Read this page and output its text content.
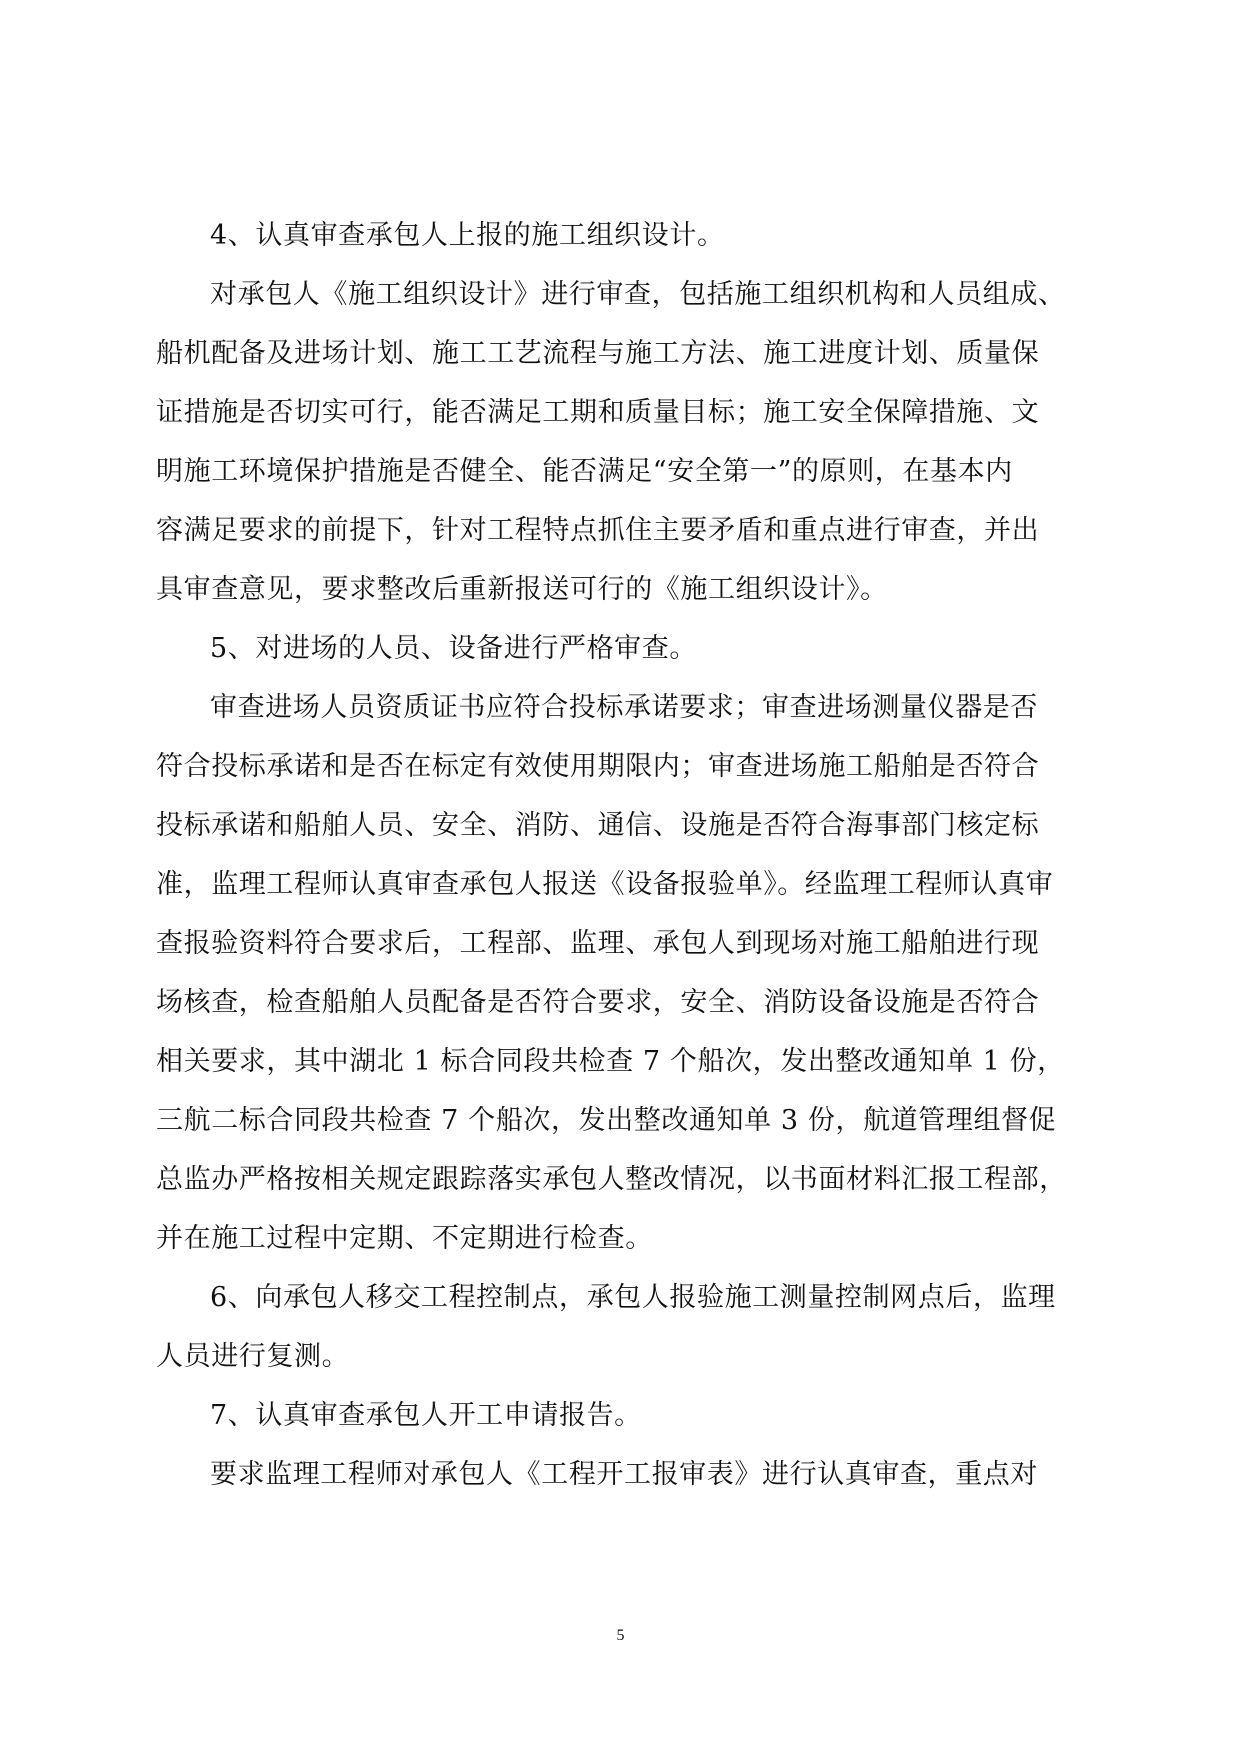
4、认真审查承包人上报的施工组织设计。
对承包人《施工组织设计》进行审查，包括施工组织机构和人员组成、
船机配备及进场计划、施工工艺流程与施工方法、施工进度计划、质量保
证措施是否切实可行，能否满足工期和质量目标；施工安全保障措施、文
明施工环境保护措施是否健全、能否满足“安全第一”的原则，在基本内
容满足要求的前提下，针对工程特点抓住主要矛盾和重点进行审查，并出
具审查意见，要求整改后重新报送可行的《施工组织设计》。
5、对进场的人员、设备进行严格审查。
审查进场人员资质证书应符合投标承诺要求；审查进场测量仪器是否
符合投标承诺和是否在标定有效使用期限内；审查进场施工船舶是否符合
投标承诺和船舶人员、安全、消防、通信、设施是否符合海事部门核定标
准，监理工程师认真审查承包人报送《设备报验单》。经监理工程师认真审
查报验资料符合要求后，工程部、监理、承包人到现场对施工船舶进行现
场核查，检查船舶人员配备是否符合要求，安全、消防设备设施是否符合
相关要求，其中湖北 1 标合同段共检查 7 个船次，发出整改通知单 1 份，
三航二标合同段共检查 7 个船次，发出整改通知单 3 份，航道管理组督促
总监办严格按相关规定跟踪落实承包人整改情况，以书面材料汇报工程部，
并在施工过程中定期、不定期进行检查。
6、向承包人移交工程控制点，承包人报验施工测量控制网点后，监理
人员进行复测。
7、认真审查承包人开工申请报告。
要求监理工程师对承包人《工程开工报审表》进行认真审查，重点对
5
